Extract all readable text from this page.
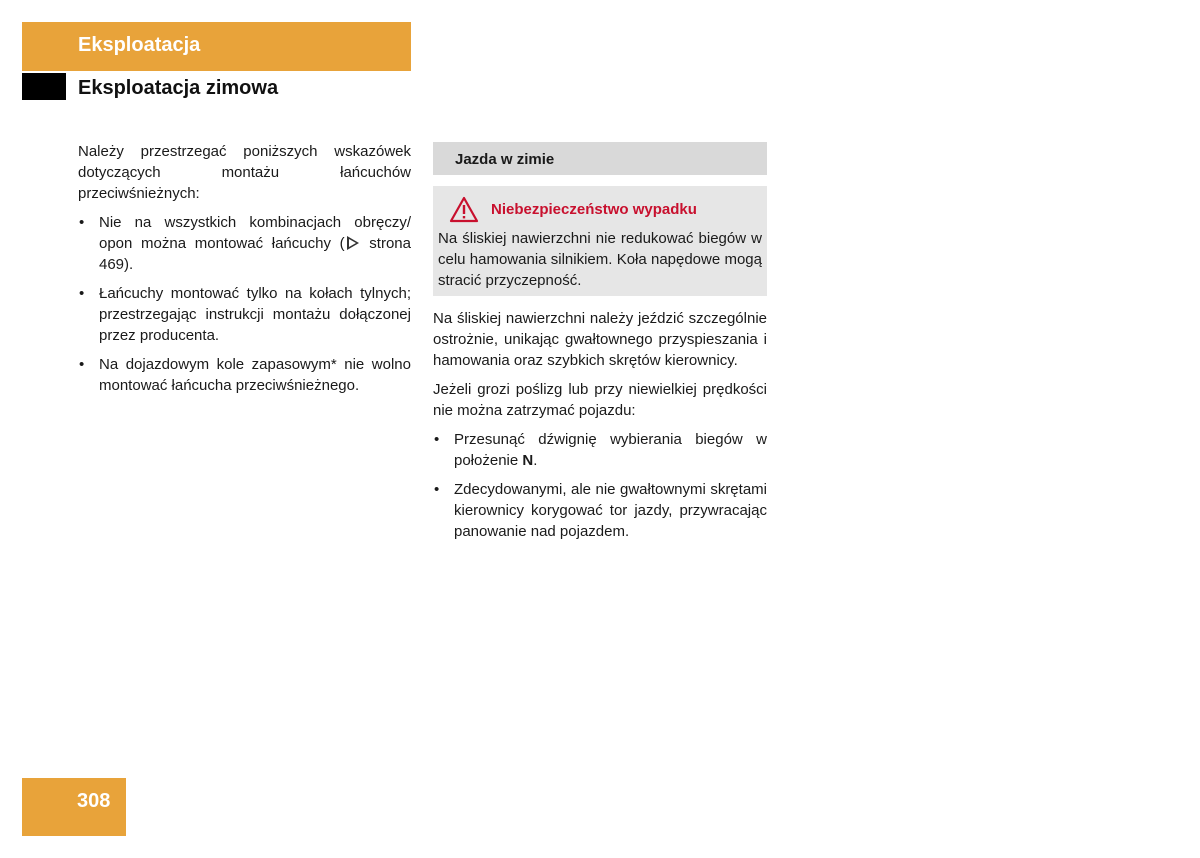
Eksploatacja
Eksploatacja zimowa

Należy przestrzegać poniższych wskazówek dotyczących montażu łańcuchów przeciwśnieżnych:

• Nie na wszystkich kombinacjach obręczy/ opon można montować łańcuchy ( strona 469).
• Łańcuchy montować tylko na kołach tylnych; przestrzegając instrukcji montażu dołączonej przez producenta.
• Na dojazdowym kole zapasowym* nie wolno montować łańcucha przeciwśnieżnego.
Jazda w zimie
Niebezpieczeństwo wypadku

Na śliskiej nawierzchni nie redukować biegów w celu hamowania silnikiem. Koła napędowe mogą stracić przyczepność.

Na śliskiej nawierzchni należy jeździć szczególnie ostrożnie, unikając gwałtownego przyspieszania i hamowania oraz szybkich skrętów kierownicy.

Jeżeli grozi poślizg lub przy niewielkiej prędkości nie można zatrzymać pojazdu:

• Przesunąć dźwignię wybierania biegów w położenie N.
• Zdecydowanymi, ale nie gwałtownymi skrętami kierownicy korygować tor jazdy, przywracając panowanie nad pojazdem.
308
